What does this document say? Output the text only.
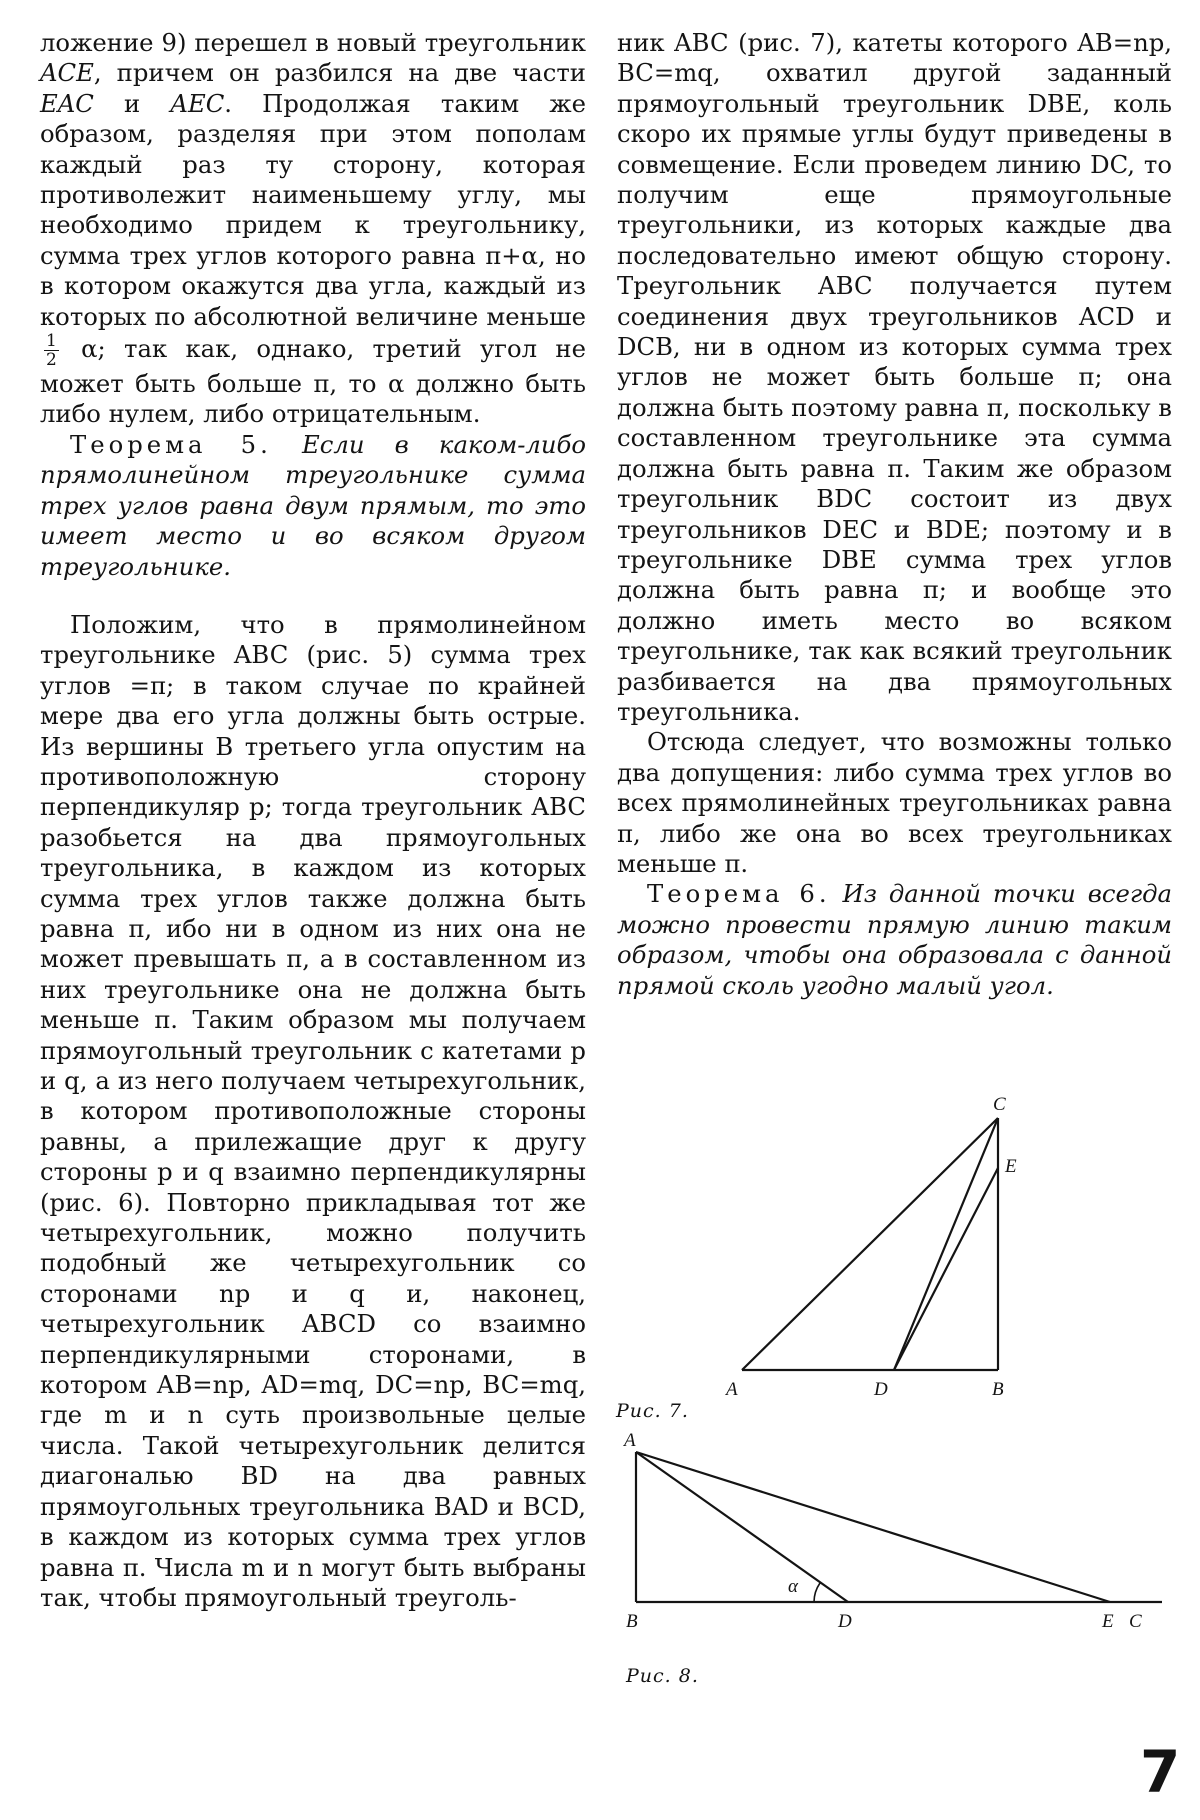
ложение 9) перешел в новый треугольник ACE, причем он разбился на две части EAC и AEC. Продолжая таким же образом, разделяя при этом пополам каждый раз ту сторону, которая противолежит наименьшему углу, мы необходимо придем к треугольнику, сумма трех углов которого равна π+α, но в котором окажутся два угла, каждый из которых по абсолютной величине меньше
$\frac{1}{2} \alpha$; так как, однако, третий угол не может быть больше π, то α должно быть либо нулем, либо отрицательным.

Теорема 5. Если в каком-либо прямолинейном треугольнике сумма трех углов равна двум прямым, то это имеет место и во всяком другом треугольнике.

Положим, что в прямолинейном треугольнике ABC (рис. 5) сумма трех углов =π; в таком случае по крайней мере два его угла должны быть острые. Из вершины B третьего угла опустим на противоположную сторону перпендикуляр p; тогда треугольник ABC разобьется на два прямоугольных треугольника, в каждом из которых сумма трех углов также должна быть равна π, ибо ни в одном из них она не может превышать π, а в составленном из них треугольнике она не должна быть меньше π. Таким образом мы получаем прямоугольный треугольник с катетами p и q, а из него получаем четырехугольник, в котором противоположные стороны равны, а прилежащие друг к другу стороны p и q взаимно перпендикулярны (рис. 6). Повторно прикладывая тот же четырехугольник, можно получить подобный же четырехугольник со сторонами np и q и, наконец, четырехугольник ABCD со взаимно перпендикулярными сторонами, в котором AB=np, AD=mq, DC=np, BC=mq, где m и n суть произвольные целые числа. Такой четырехугольник делится диагональю BD на два равных прямоугольных треугольника BAD и BCD, в каждом из которых сумма трех углов равна π. Числа m и n могут быть выбраны так, чтобы прямоугольный треуголь-

ник ABC (рис. 7), катеты которого AB=np, BC=mq, охватил другой заданный прямоугольный треугольник DBE, коль скоро их прямые углы будут приведены в совмещение. Если проведем линию DC, то получим еще прямоугольные треугольники, из которых каждые два последовательно имеют общую сторону. Треугольник ABC получается путем соединения двух треугольников ACD и DCB, ни в одном из которых сумма трех углов не может быть больше π; она должна быть поэтому равна π, поскольку в составленном треугольнике эта сумма должна быть равна π. Таким же образом треугольник BDC состоит из двух треугольников DEC и BDE; поэтому и в треугольнике DBE сумма трех углов должна быть равна π; и вообще это должно иметь место во всяком треугольнике, так как всякий треугольник разбивается на два прямоугольных треугольника.

Отсюда следует, что возможны только два допущения: либо сумма трех углов во всех прямолинейных треугольниках равна π, либо же она во всех треугольниках меньше π.

Теорема 6. Из данной точки всегда можно провести прямую линию таким образом, чтобы она образовала с данной прямой сколь угодно малый угол.

C
E
A	D	B
Рис. 7.
A
α
B	D	E C
Рис. 8.
7
